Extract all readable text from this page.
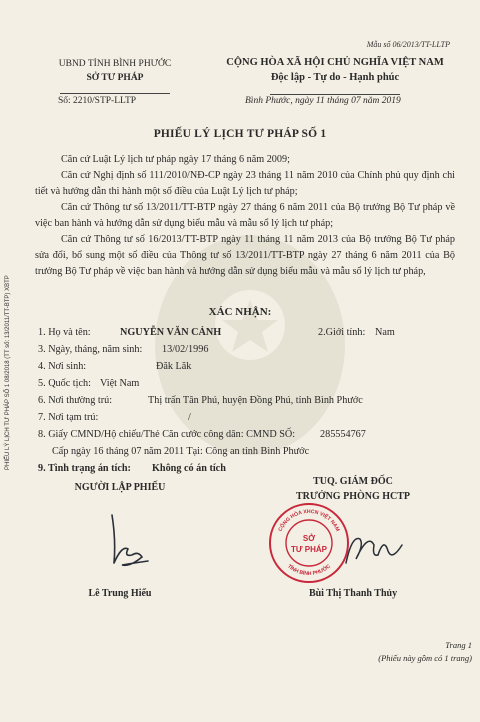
Mẫu số 06/2013/TT-LLTP
PHIẾU LÝ LỊCH TƯ PHÁP SỐ 1 08/2018 (TT số: 13/2011/TT-BTP) XBTP
UBND TỈNH BÌNH PHƯỚC
SỞ TƯ PHÁP
CỘNG HÒA XÃ HỘI CHỦ NGHĨA VIỆT NAM
Độc lập - Tự do - Hạnh phúc
Số: 2210/STP-LLTP	Bình Phước, ngày 11 tháng 07 năm 2019
PHIẾU LÝ LỊCH TƯ PHÁP SỐ 1

Căn cứ Luật Lý lịch tư pháp ngày 17 tháng 6 năm 2009;

Căn cứ Nghị định số 111/2010/NĐ-CP ngày 23 tháng 11 năm 2010 của Chính phủ quy định chi tiết và hướng dẫn thi hành một số điều của Luật Lý lịch tư pháp;

Căn cứ Thông tư số 13/2011/TT-BTP ngày 27 tháng 6 năm 2011 của Bộ trưởng Bộ Tư pháp về việc ban hành và hướng dẫn sử dụng biểu mẫu và mẫu sổ lý lịch tư pháp;

Căn cứ Thông tư số 16/2013/TT-BTP ngày 11 tháng 11 năm 2013 của Bộ trưởng Bộ Tư pháp sửa đổi, bổ sung một số điều của Thông tư số 13/2011/TT-BTP ngày 27 tháng 6 năm 2011 của Bộ trưởng Bộ Tư pháp về việc ban hành và hướng dẫn sử dụng biểu mẫu và mẫu sổ lý lịch tư pháp,

XÁC NHẬN:
1. Họ và tên:	NGUYỄN VĂN CẢNH	2.Giới tính: Nam
3. Ngày, tháng, năm sinh: 13/02/1996
4. Nơi sinh:	Đăk Lăk
5. Quốc tịch: Việt Nam
6. Nơi thường trú:	Thị trấn Tân Phú, huyện Đồng Phú, tỉnh Bình Phước
7. Nơi tạm trú:	/
8. Giấy CMND/Hộ chiếu/Thẻ Căn cước công dân: CMND SỐ: 285554767
Cấp ngày 16 tháng 07 năm 2011 Tại: Công an tỉnh Bình Phước
9. Tình trạng án tích: Không có án tích
NGƯỜI LẬP PHIẾU
TUQ. GIÁM ĐỐC
TRƯỞNG PHÒNG HCTP
CỘNG HÒA XHCN VIỆT NAM
TỈNH BÌNH PHƯỚC
SỞ
TƯ PHÁP
Lê Trung Hiếu	Bùi Thị Thanh Thủy
Trang 1
(Phiếu này gồm có 1 trang)
